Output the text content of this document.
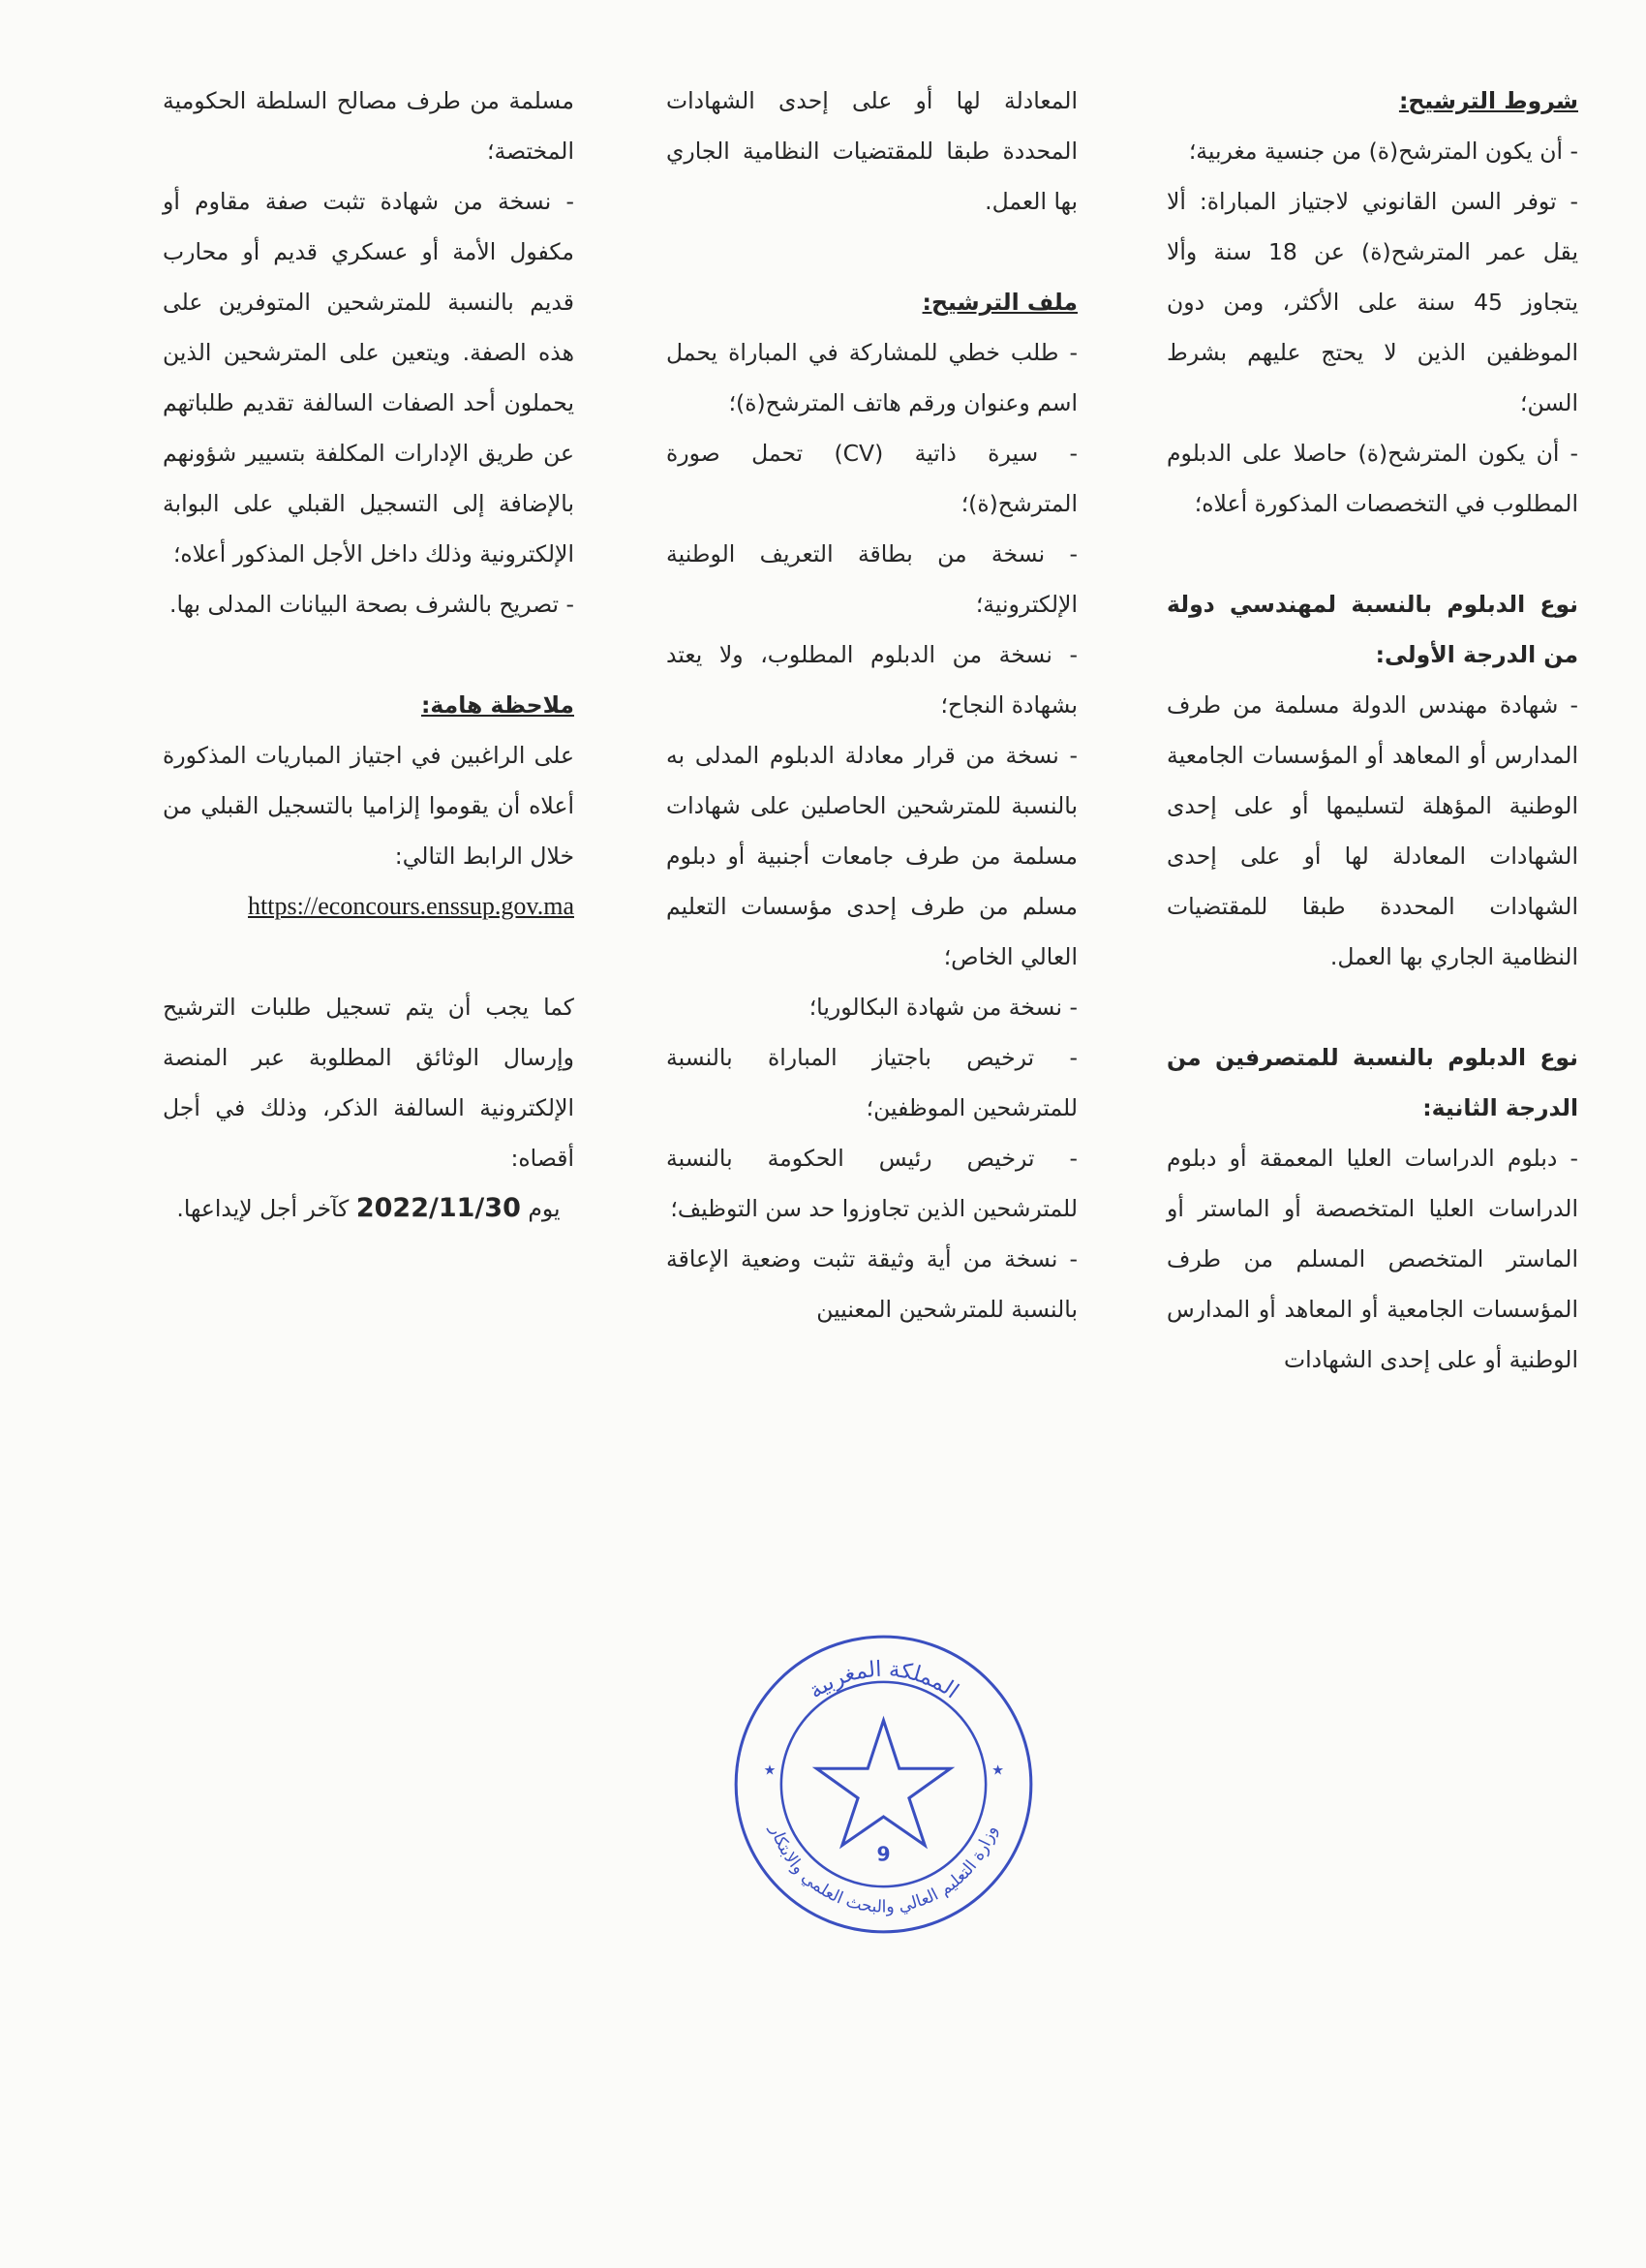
شروط الترشيح:

- أن يكون المترشح(ة) من جنسية مغربية؛

- توفر السن القانوني لاجتياز المباراة: ألا يقل عمر المترشح(ة) عن 18 سنة وألا يتجاوز 45 سنة على الأكثر، ومن دون الموظفين الذين لا يحتج عليهم بشرط السن؛

- أن يكون المترشح(ة) حاصلا على الدبلوم المطلوب في التخصصات المذكورة أعلاه؛

نوع الدبلوم بالنسبة لمهندسي دولة من الدرجة الأولى:

- شهادة مهندس الدولة مسلمة من طرف المدارس أو المعاهد أو المؤسسات الجامعية الوطنية المؤهلة لتسليمها أو على إحدى الشهادات المعادلة لها أو على إحدى الشهادات المحددة طبقا للمقتضيات النظامية الجاري بها العمل.

نوع الدبلوم بالنسبة للمتصرفين من الدرجة الثانية:

- دبلوم الدراسات العليا المعمقة أو دبلوم الدراسات العليا المتخصصة أو الماستر أو الماستر المتخصص المسلم من طرف المؤسسات الجامعية أو المعاهد أو المدارس الوطنية أو على إحدى الشهادات

المعادلة لها أو على إحدى الشهادات المحددة طبقا للمقتضيات النظامية الجاري بها العمل.

ملف الترشيح:

- طلب خطي للمشاركة في المباراة يحمل اسم وعنوان ورقم هاتف المترشح(ة)؛

- سيرة ذاتية (CV) تحمل صورة المترشح(ة)؛

- نسخة من بطاقة التعريف الوطنية الإلكترونية؛

- نسخة من الدبلوم المطلوب، ولا يعتد بشهادة النجاح؛

- نسخة من قرار معادلة الدبلوم المدلى به بالنسبة للمترشحين الحاصلين على شهادات مسلمة من طرف جامعات أجنبية أو دبلوم مسلم من طرف إحدى مؤسسات التعليم العالي الخاص؛

- نسخة من شهادة البكالوريا؛

- ترخيص باجتياز المباراة بالنسبة للمترشحين الموظفين؛

- ترخيص رئيس الحكومة بالنسبة للمترشحين الذين تجاوزوا حد سن التوظيف؛

- نسخة من أية وثيقة تثبت وضعية الإعاقة بالنسبة للمترشحين المعنيين

مسلمة من طرف مصالح السلطة الحكومية المختصة؛

- نسخة من شهادة تثبت صفة مقاوم أو مكفول الأمة أو عسكري قديم أو محارب قديم بالنسبة للمترشحين المتوفرين على هذه الصفة. ويتعين على المترشحين الذين يحملون أحد الصفات السالفة تقديم طلباتهم عن طريق الإدارات المكلفة بتسيير شؤونهم بالإضافة إلى التسجيل القبلي على البوابة الإلكترونية وذلك داخل الأجل المذكور أعلاه؛

- تصريح بالشرف بصحة البيانات المدلى بها.

ملاحظة هامة:

على الراغبين في اجتياز المباريات المذكورة أعلاه أن يقوموا إلزاميا بالتسجيل القبلي من خلال الرابط التالي:

https://econcours.enssup.gov.ma

كما يجب أن يتم تسجيل طلبات الترشيح وإرسال الوثائق المطلوبة عبر المنصة الإلكترونية السالفة الذكر، وذلك في أجل أقصاه:

يوم 2022/11/30 كآخر أجل لإيداعها.

المملكة المغربية
وزارة التعليم العالي والبحث العلمي والابتكار
★	★
9
